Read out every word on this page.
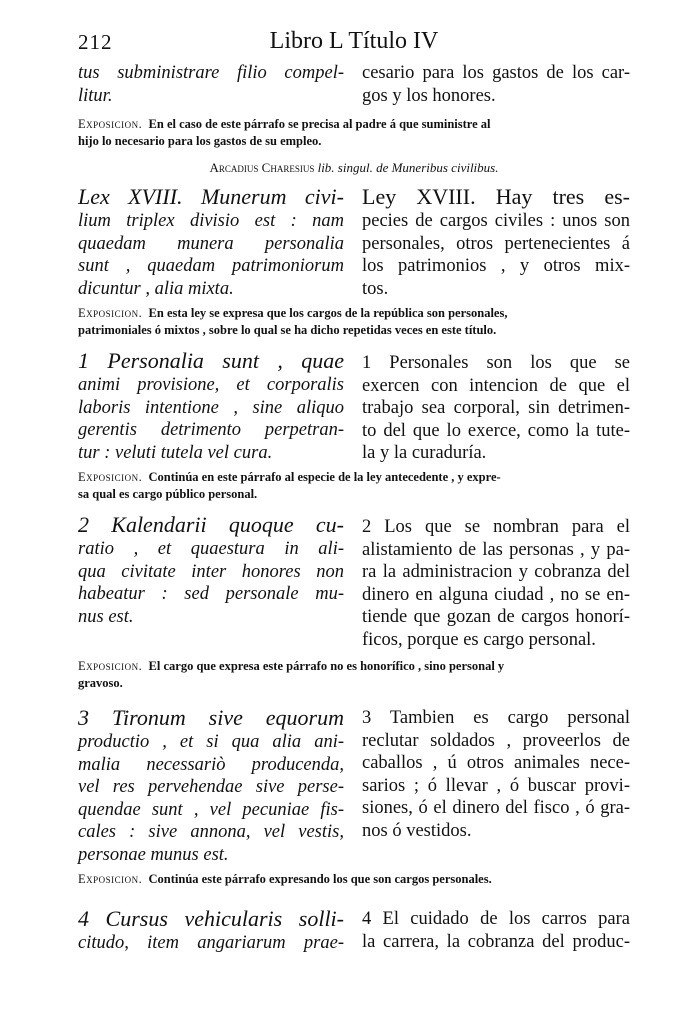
212	Libro L Título IV
tus subministrare filio compel-
litur.
cesario para los gastos de los car-
gos y los honores.
Exposicion. En el caso de este párrafo se precisa al padre á que suministre al
hijo lo necesario para los gastos de su empleo.
Arcadius Charesius lib. singul. de Muneribus civilibus.
Lex XVIII. Munerum civi-
lium triplex divisio est : nam
quaedam munera personalia
sunt , quaedam patrimoniorum
dicuntur , alia mixta.
Ley XVIII. Hay tres es-
pecies de cargos civiles : unos son
personales, otros pertenecientes á
los patrimonios , y otros mix-
tos.
Exposicion. En esta ley se expresa que los cargos de la república son personales,
patrimoniales ó mixtos , sobre lo qual se ha dicho repetidas veces en este título.
1 Personalia sunt , quae
animi provisione, et corporalis
laboris intentione , sine aliquo
gerentis detrimento perpetran-
tur : veluti tutela vel cura.
1 Personales son los que se
exercen con intencion de que el
trabajo sea corporal, sin detrimen-
to del que lo exerce, como la tute-
la y la curaduría.
Exposicion. Continúa en este párrafo al especie de la ley antecedente , y expre-
sa qual es cargo público personal.
2 Kalendarii quoque cu-
ratio , et quaestura in ali-
qua civitate inter honores non
habeatur : sed personale mu-
nus est.
2 Los que se nombran para el
alistamiento de las personas , y pa-
ra la administracion y cobranza del
dinero en alguna ciudad , no se en-
tiende que gozan de cargos honorí-
ficos, porque es cargo personal.
Exposicion. El cargo que expresa este párrafo no es honorífico , sino personal y
gravoso.
3 Tironum sive equorum
productio , et si qua alia ani-
malia necessariò producenda,
vel res pervehendae sive perse-
quendae sunt , vel pecuniae fis-
cales : sive annona, vel vestis,
personae munus est.
3 Tambien es cargo personal
reclutar soldados , proveerlos de
caballos , ú otros animales nece-
sarios ; ó llevar , ó buscar provi-
siones, ó el dinero del fisco , ó gra-
nos ó vestidos.
Exposicion. Continúa este párrafo expresando los que son cargos personales.
4 Cursus vehicularis solli-
citudo, item angariarum prae-
4 El cuidado de los carros para
la carrera, la cobranza del produc-
